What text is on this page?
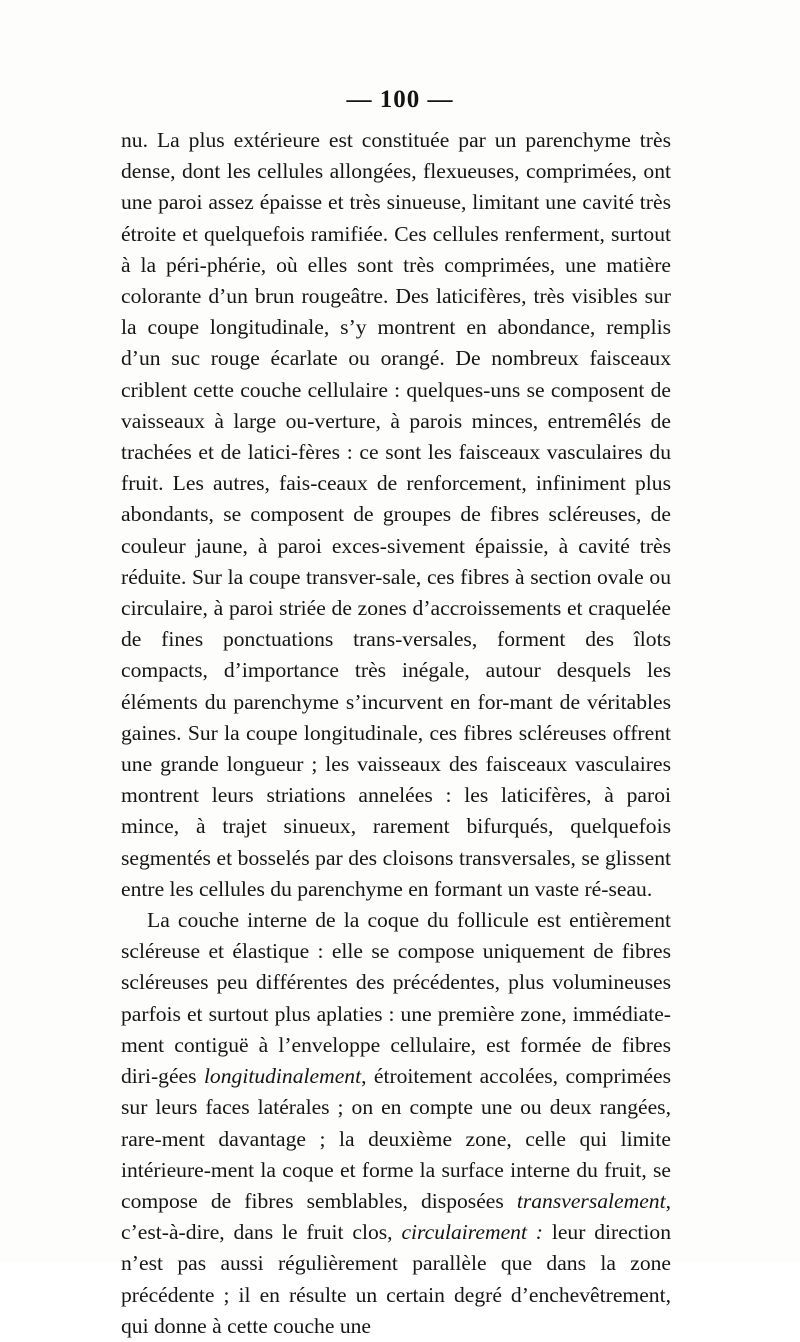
— 100 —

nu. La plus extérieure est constituée par un parenchyme très dense, dont les cellules allongées, flexueuses, comprimées, ont une paroi assez épaisse et très sinueuse, limitant une cavité très étroite et quelquefois ramifiée. Ces cellules renferment, surtout à la péri-phérie, où elles sont très comprimées, une matière colorante d’un brun rougeâtre. Des laticifères, très visibles sur la coupe longitudinale, s’y montrent en abondance, remplis d’un suc rouge écarlate ou orangé. De nombreux faisceaux criblent cette couche cellulaire : quelques-uns se composent de vaisseaux à large ou-verture, à parois minces, entremêlés de trachées et de latici-fères : ce sont les faisceaux vasculaires du fruit. Les autres, fais-ceaux de renforcement, infiniment plus abondants, se composent de groupes de fibres scléreuses, de couleur jaune, à paroi exces-sivement épaissie, à cavité très réduite. Sur la coupe transver-sale, ces fibres à section ovale ou circulaire, à paroi striée de zones d’accroissements et craquelée de fines ponctuations trans-versales, forment des îlots compacts, d’importance très inégale, autour desquels les éléments du parenchyme s’incurvent en for-mant de véritables gaines. Sur la coupe longitudinale, ces fibres scléreuses offrent une grande longueur ; les vaisseaux des faisceaux vasculaires montrent leurs striations annelées : les laticifères, à paroi mince, à trajet sinueux, rarement bifurqués, quelquefois segmentés et bosselés par des cloisons transversales, se glissent entre les cellules du parenchyme en formant un vaste ré-seau.

La couche interne de la coque du follicule est entièrement scléreuse et élastique : elle se compose uniquement de fibres scléreuses peu différentes des précédentes, plus volumineuses parfois et surtout plus aplaties : une première zone, immédiate-ment contiguë à l’enveloppe cellulaire, est formée de fibres diri-gées longitudinalement, étroitement accolées, comprimées sur leurs faces latérales ; on en compte une ou deux rangées, rare-ment davantage ; la deuxième zone, celle qui limite intérieure-ment la coque et forme la surface interne du fruit, se compose de fibres semblables, disposées transversalement, c’est-à-dire, dans le fruit clos, circulairement : leur direction n’est pas aussi régulièrement parallèle que dans la zone précédente ; il en résulte un certain degré d’enchevêtrement, qui donne à cette couche une
